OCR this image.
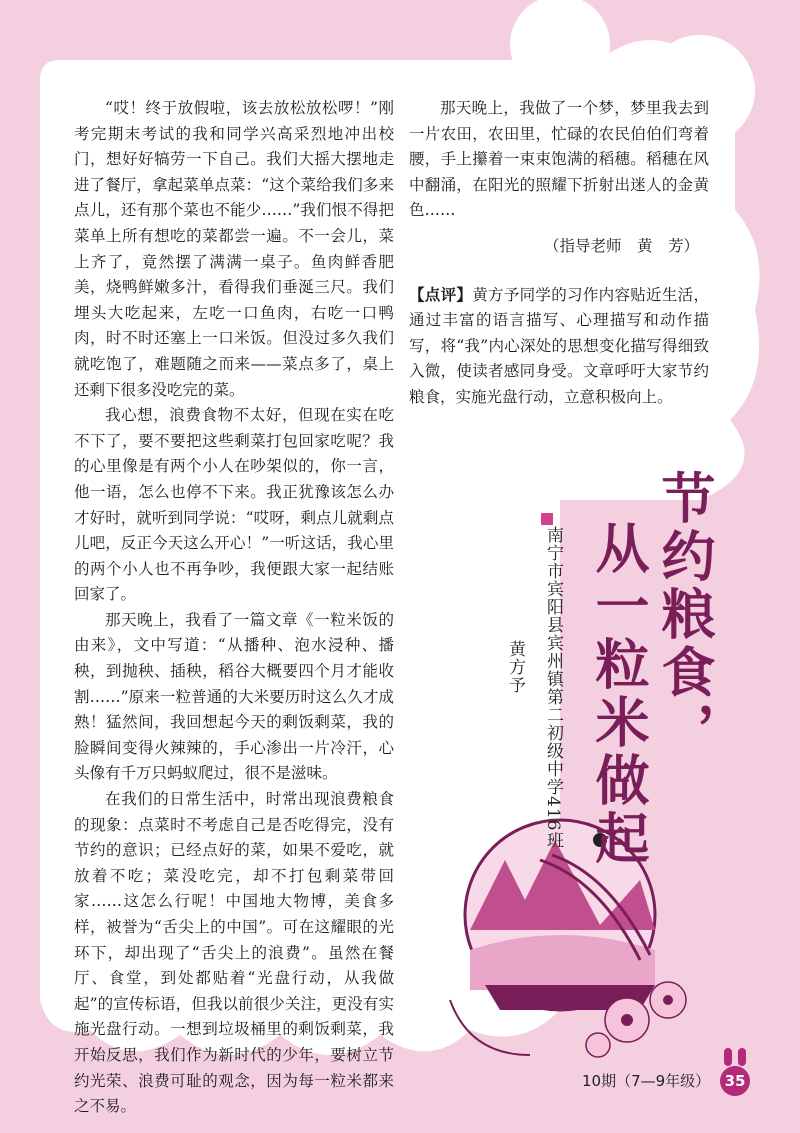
“哎！终于放假啦，该去放松放松啰！”刚考完期末考试的我和同学兴高采烈地冲出校门，想好好犒劳一下自己。我们大摇大摆地走进了餐厅，拿起菜单点菜：“这个菜给我们多来点儿，还有那个菜也不能少……”我们恨不得把菜单上所有想吃的菜都尝一遍。不一会儿，菜上齐了，竟然摆了满满一桌子。鱼肉鲜香肥美，烧鸭鲜嫩多汁，看得我们垂涎三尺。我们埋头大吃起来，左吃一口鱼肉，右吃一口鸭肉，时不时还塞上一口米饭。但没过多久我们就吃饱了，难题随之而来——菜点多了，桌上还剩下很多没吃完的菜。

我心想，浪费食物不太好，但现在实在吃不下了，要不要把这些剩菜打包回家吃呢？我的心里像是有两个小人在吵架似的，你一言，他一语，怎么也停不下来。我正犹豫该怎么办才好时，就听到同学说：“哎呀，剩点儿就剩点儿吧，反正今天这么开心！”一听这话，我心里的两个小人也不再争吵，我便跟大家一起结账回家了。

那天晚上，我看了一篇文章《一粒米饭的由来》，文中写道：“从播种、泡水浸种、播秧，到抛秧、插秧，稻谷大概要四个月才能收割……”原来一粒普通的大米要历时这么久才成熟！猛然间，我回想起今天的剩饭剩菜，我的脸瞬间变得火辣辣的，手心渗出一片冷汗，心头像有千万只蚂蚁爬过，很不是滋味。

在我们的日常生活中，时常出现浪费粮食的现象：点菜时不考虑自己是否吃得完，没有节约的意识；已经点好的菜，如果不爱吃，就放着不吃；菜没吃完，却不打包剩菜带回家……这怎么行呢！中国地大物博，美食多样，被誉为“舌尖上的中国”。可在这耀眼的光环下，却出现了“舌尖上的浪费”。虽然在餐厅、食堂，到处都贴着“光盘行动，从我做起”的宣传标语，但我以前很少关注，更没有实施光盘行动。一想到垃圾桶里的剩饭剩菜，我开始反思，我们作为新时代的少年，要树立节约光荣、浪费可耻的观念，因为每一粒米都来之不易。

那天晚上，我做了一个梦，梦里我去到一片农田，农田里，忙碌的农民伯伯们弯着腰，手上攥着一束束饱满的稻穗。稻穗在风中翻涌，在阳光的照耀下折射出迷人的金黄色……

（指导老师　黄　芳）

【点评】黄方予同学的习作内容贴近生活，通过丰富的语言描写、心理描写和动作描写，将“我”内心深处的思想变化描写得细致入微，使读者感同身受。文章呼吁大家节约粮食，实施光盘行动，立意积极向上。

节约粮食，
从一粒米做起
南宁市宾阳县宾州镇第二初级中学416班
黄方予
10期（7—9年级） 35
